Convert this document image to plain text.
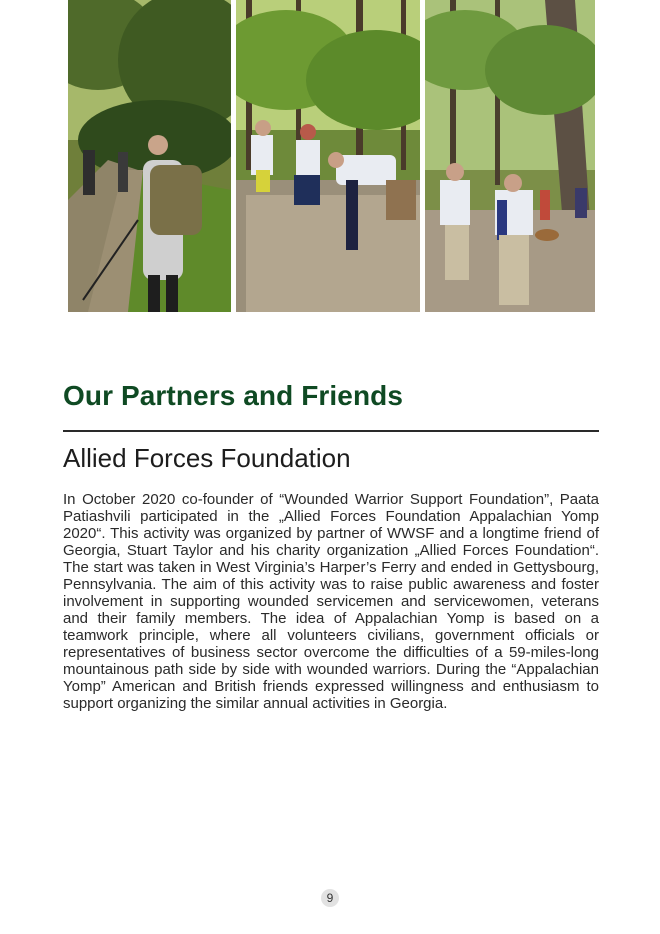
Our Partners and Friends
Allied Forces Foundation

In October 2020 co-founder of “Wounded Warrior Support Foundation”, Paata Patiashvili participated in the „Allied Forces Foundation Appalachian Yomp 2020“. This activity was organized by partner of WWSF and a longtime friend of Georgia, Stuart Taylor and his charity organization „Allied Forces Foundation“. The start was taken in West Virginia’s Harper’s Ferry and ended in Gettysbourg, Pennsylvania. The aim of this activity was to raise public awareness and foster involvement in supporting wounded servicemen and servicewomen, veterans and their family members. The idea of Appalachian Yomp is based on a teamwork principle, where all volunteers civilians, government officials or representatives of business sector overcome the difficulties of a 59-miles-long mountainous path side by side with wounded warriors. During the “Appalachian Yomp” American and British friends expressed willingness and enthusiasm to support organizing the similar annual activities in Georgia.

9
